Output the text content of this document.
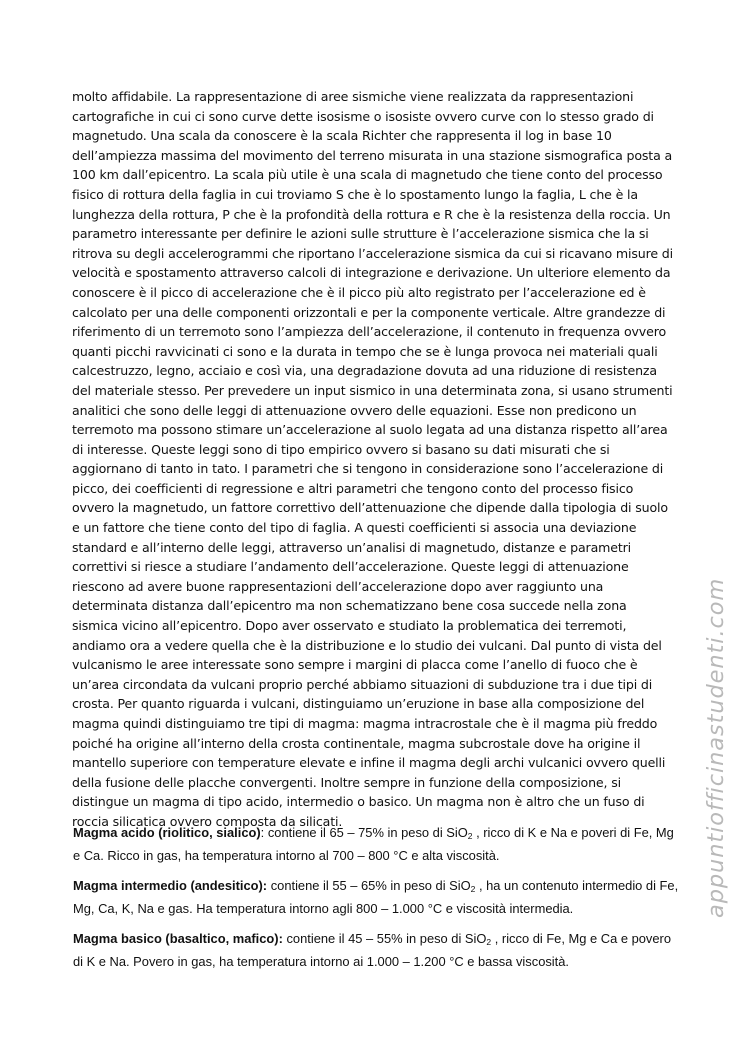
molto affidabile. La rappresentazione di aree sismiche viene realizzata da rappresentazioni cartografiche in cui ci sono curve dette isosisme o isosiste ovvero curve con lo stesso grado di magnetudo. Una scala da conoscere è la scala Richter che rappresenta il log in base 10 dell’ampiezza massima del movimento del terreno misurata in una stazione sismografica posta a 100 km dall’epicentro. La scala più utile è una scala di magnetudo che tiene conto del processo fisico di rottura della faglia in cui troviamo S che è lo spostamento lungo la faglia, L che è la lunghezza della rottura, P che è la profondità della rottura e R che è la resistenza della roccia. Un parametro interessante per definire le azioni sulle strutture è l’accelerazione sismica che la si ritrova su degli accelerogrammi che riportano l’accelerazione sismica da cui si ricavano misure di velocità e spostamento attraverso calcoli di integrazione e derivazione. Un ulteriore elemento da conoscere è il picco di accelerazione che è il picco più alto registrato per l’accelerazione ed è calcolato per una delle componenti orizzontali e per la componente verticale. Altre grandezze di riferimento di un terremoto sono l’ampiezza dell’accelerazione, il contenuto in frequenza ovvero quanti picchi ravvicinati ci sono e la durata in tempo che se è lunga provoca nei materiali quali calcestruzzo, legno, acciaio e così via, una degradazione dovuta ad una riduzione di resistenza del materiale stesso. Per prevedere un input sismico in una determinata zona, si usano strumenti analitici che sono delle leggi di attenuazione ovvero delle equazioni. Esse non predicono un terremoto ma possono stimare un’accelerazione al suolo legata ad una distanza rispetto all’area di interesse. Queste leggi sono di tipo empirico ovvero si basano su dati misurati che si aggiornano di tanto in tato. I parametri che si tengono in considerazione sono l’accelerazione di picco, dei coefficienti di regressione e altri parametri che tengono conto del processo fisico ovvero la magnetudo, un fattore correttivo dell’attenuazione che dipende dalla tipologia di suolo e un fattore che tiene conto del tipo di faglia. A questi coefficienti si associa una deviazione standard e all’interno delle leggi, attraverso un’analisi di magnetudo, distanze e parametri correttivi si riesce a studiare l’andamento dell’accelerazione. Queste leggi di attenuazione riescono ad avere buone rappresentazioni dell’accelerazione dopo aver raggiunto una determinata distanza dall’epicentro ma non schematizzano bene cosa succede nella zona sismica vicino all’epicentro. Dopo aver osservato e studiato la problematica dei terremoti, andiamo ora a vedere quella che è la distribuzione e lo studio dei vulcani. Dal punto di vista del vulcanismo le aree interessate sono sempre i margini di placca come l’anello di fuoco che è un’area circondata da vulcani proprio perché abbiamo situazioni di subduzione tra i due tipi di crosta. Per quanto riguarda i vulcani, distinguiamo un’eruzione in base alla composizione del magma quindi distinguiamo tre tipi di magma: magma intracrostale che è il magma più freddo poiché ha origine all’interno della crosta continentale, magma subcrostale dove ha origine il mantello superiore con temperature elevate e infine il magma degli archi vulcanici ovvero quelli della fusione delle placche convergenti. Inoltre sempre in funzione della composizione, si distingue un magma di tipo acido, intermedio o basico. Un magma non è altro che un fuso di roccia silicatica ovvero composta da silicati.

Magma acido (riolitico, sialico): contiene il 65 – 75% in peso di SiO$_2$ , ricco di K e Na e poveri di Fe, Mg e Ca. Ricco in gas, ha temperatura intorno al 700 – 800 °C e alta viscosità.

Magma intermedio (andesitico): contiene il 55 – 65% in peso di SiO$_2$ , ha un contenuto intermedio di Fe, Mg, Ca, K, Na e gas. Ha temperatura intorno agli 800 – 1.000 °C e viscosità intermedia.

Magma basico (basaltico, mafico): contiene il 45 – 55% in peso di SiO$_2$ , ricco di Fe, Mg e Ca e povero di K e Na. Povero in gas, ha temperatura intorno ai 1.000 – 1.200 °C e bassa viscosità.

appuntiofficinastudenti.com
